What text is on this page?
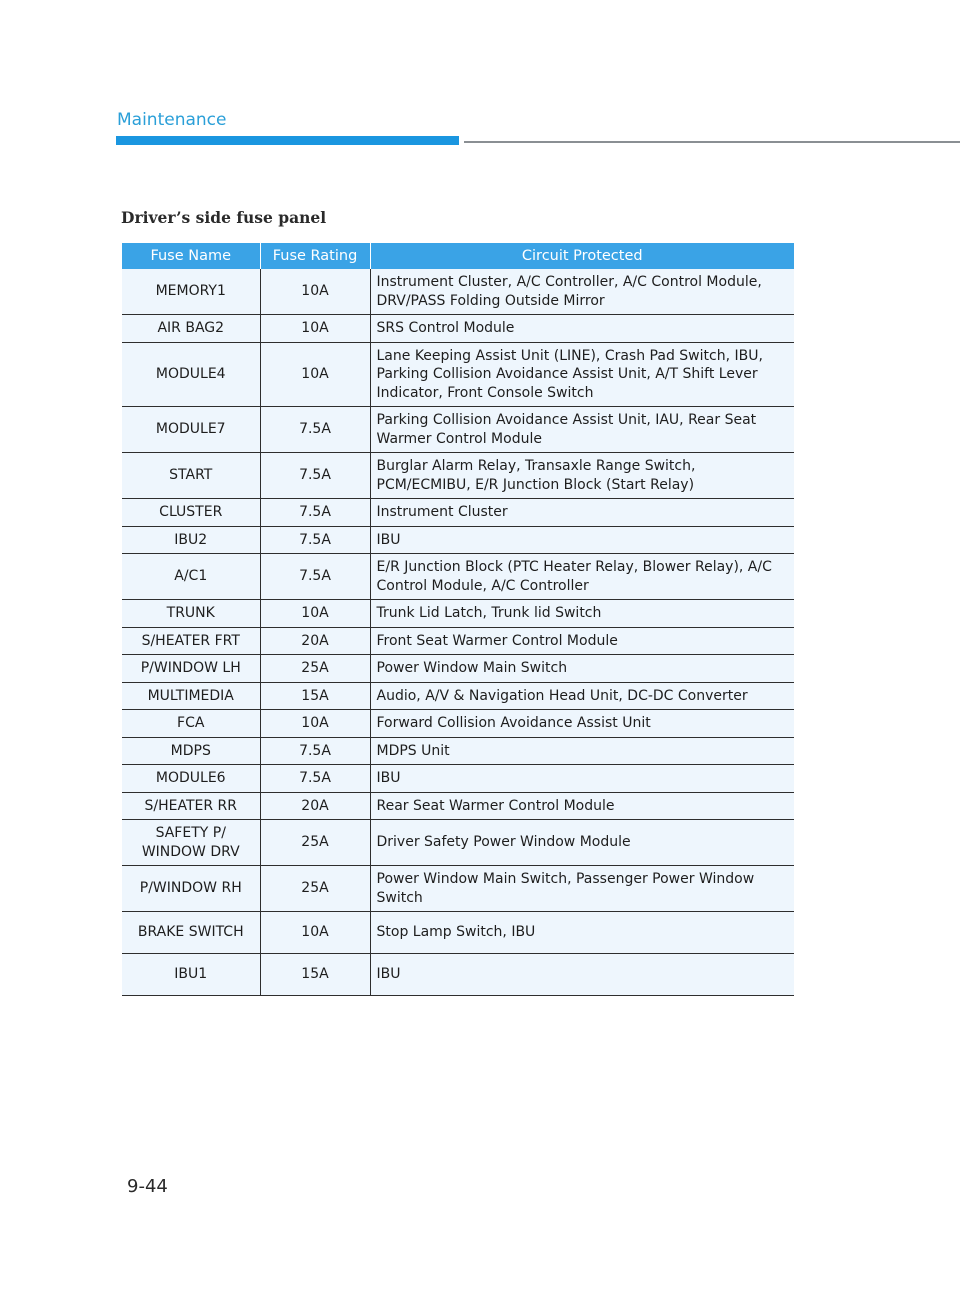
Maintenance
Driver’s side fuse panel
Fuse Name	Fuse Rating	Circuit Protected
MEMORY1	10A	Instrument Cluster, A/C Controller, A/C Control Module, DRV/PASS Folding Outside Mirror
AIR BAG2	10A	SRS Control Module
MODULE4	10A	Lane Keeping Assist Unit (LINE), Crash Pad Switch, IBU, Parking Collision Avoidance Assist Unit, A/T Shift Lever Indicator, Front Console Switch
MODULE7	7.5A	Parking Collision Avoidance Assist Unit, IAU, Rear Seat Warmer Control Module
START	7.5A	Burglar Alarm Relay, Transaxle Range Switch, PCM/ECMIBU, E/R Junction Block (Start Relay)
CLUSTER	7.5A	Instrument Cluster
IBU2	7.5A	IBU
A/C1	7.5A	E/R Junction Block (PTC Heater Relay, Blower Relay), A/C Control Module, A/C Controller
TRUNK	10A	Trunk Lid Latch, Trunk lid Switch
S/HEATER FRT	20A	Front Seat Warmer Control Module
P/WINDOW LH	25A	Power Window Main Switch
MULTIMEDIA	15A	Audio, A/V & Navigation Head Unit, DC-DC Converter
FCA	10A	Forward Collision Avoidance Assist Unit
MDPS	7.5A	MDPS Unit
MODULE6	7.5A	IBU
S/HEATER RR	20A	Rear Seat Warmer Control Module
SAFETY P/ WINDOW DRV	25A	Driver Safety Power Window Module
P/WINDOW RH	25A	Power Window Main Switch, Passenger Power Window Switch
BRAKE SWITCH	10A	Stop Lamp Switch, IBU
IBU1	15A	IBU
9-44
